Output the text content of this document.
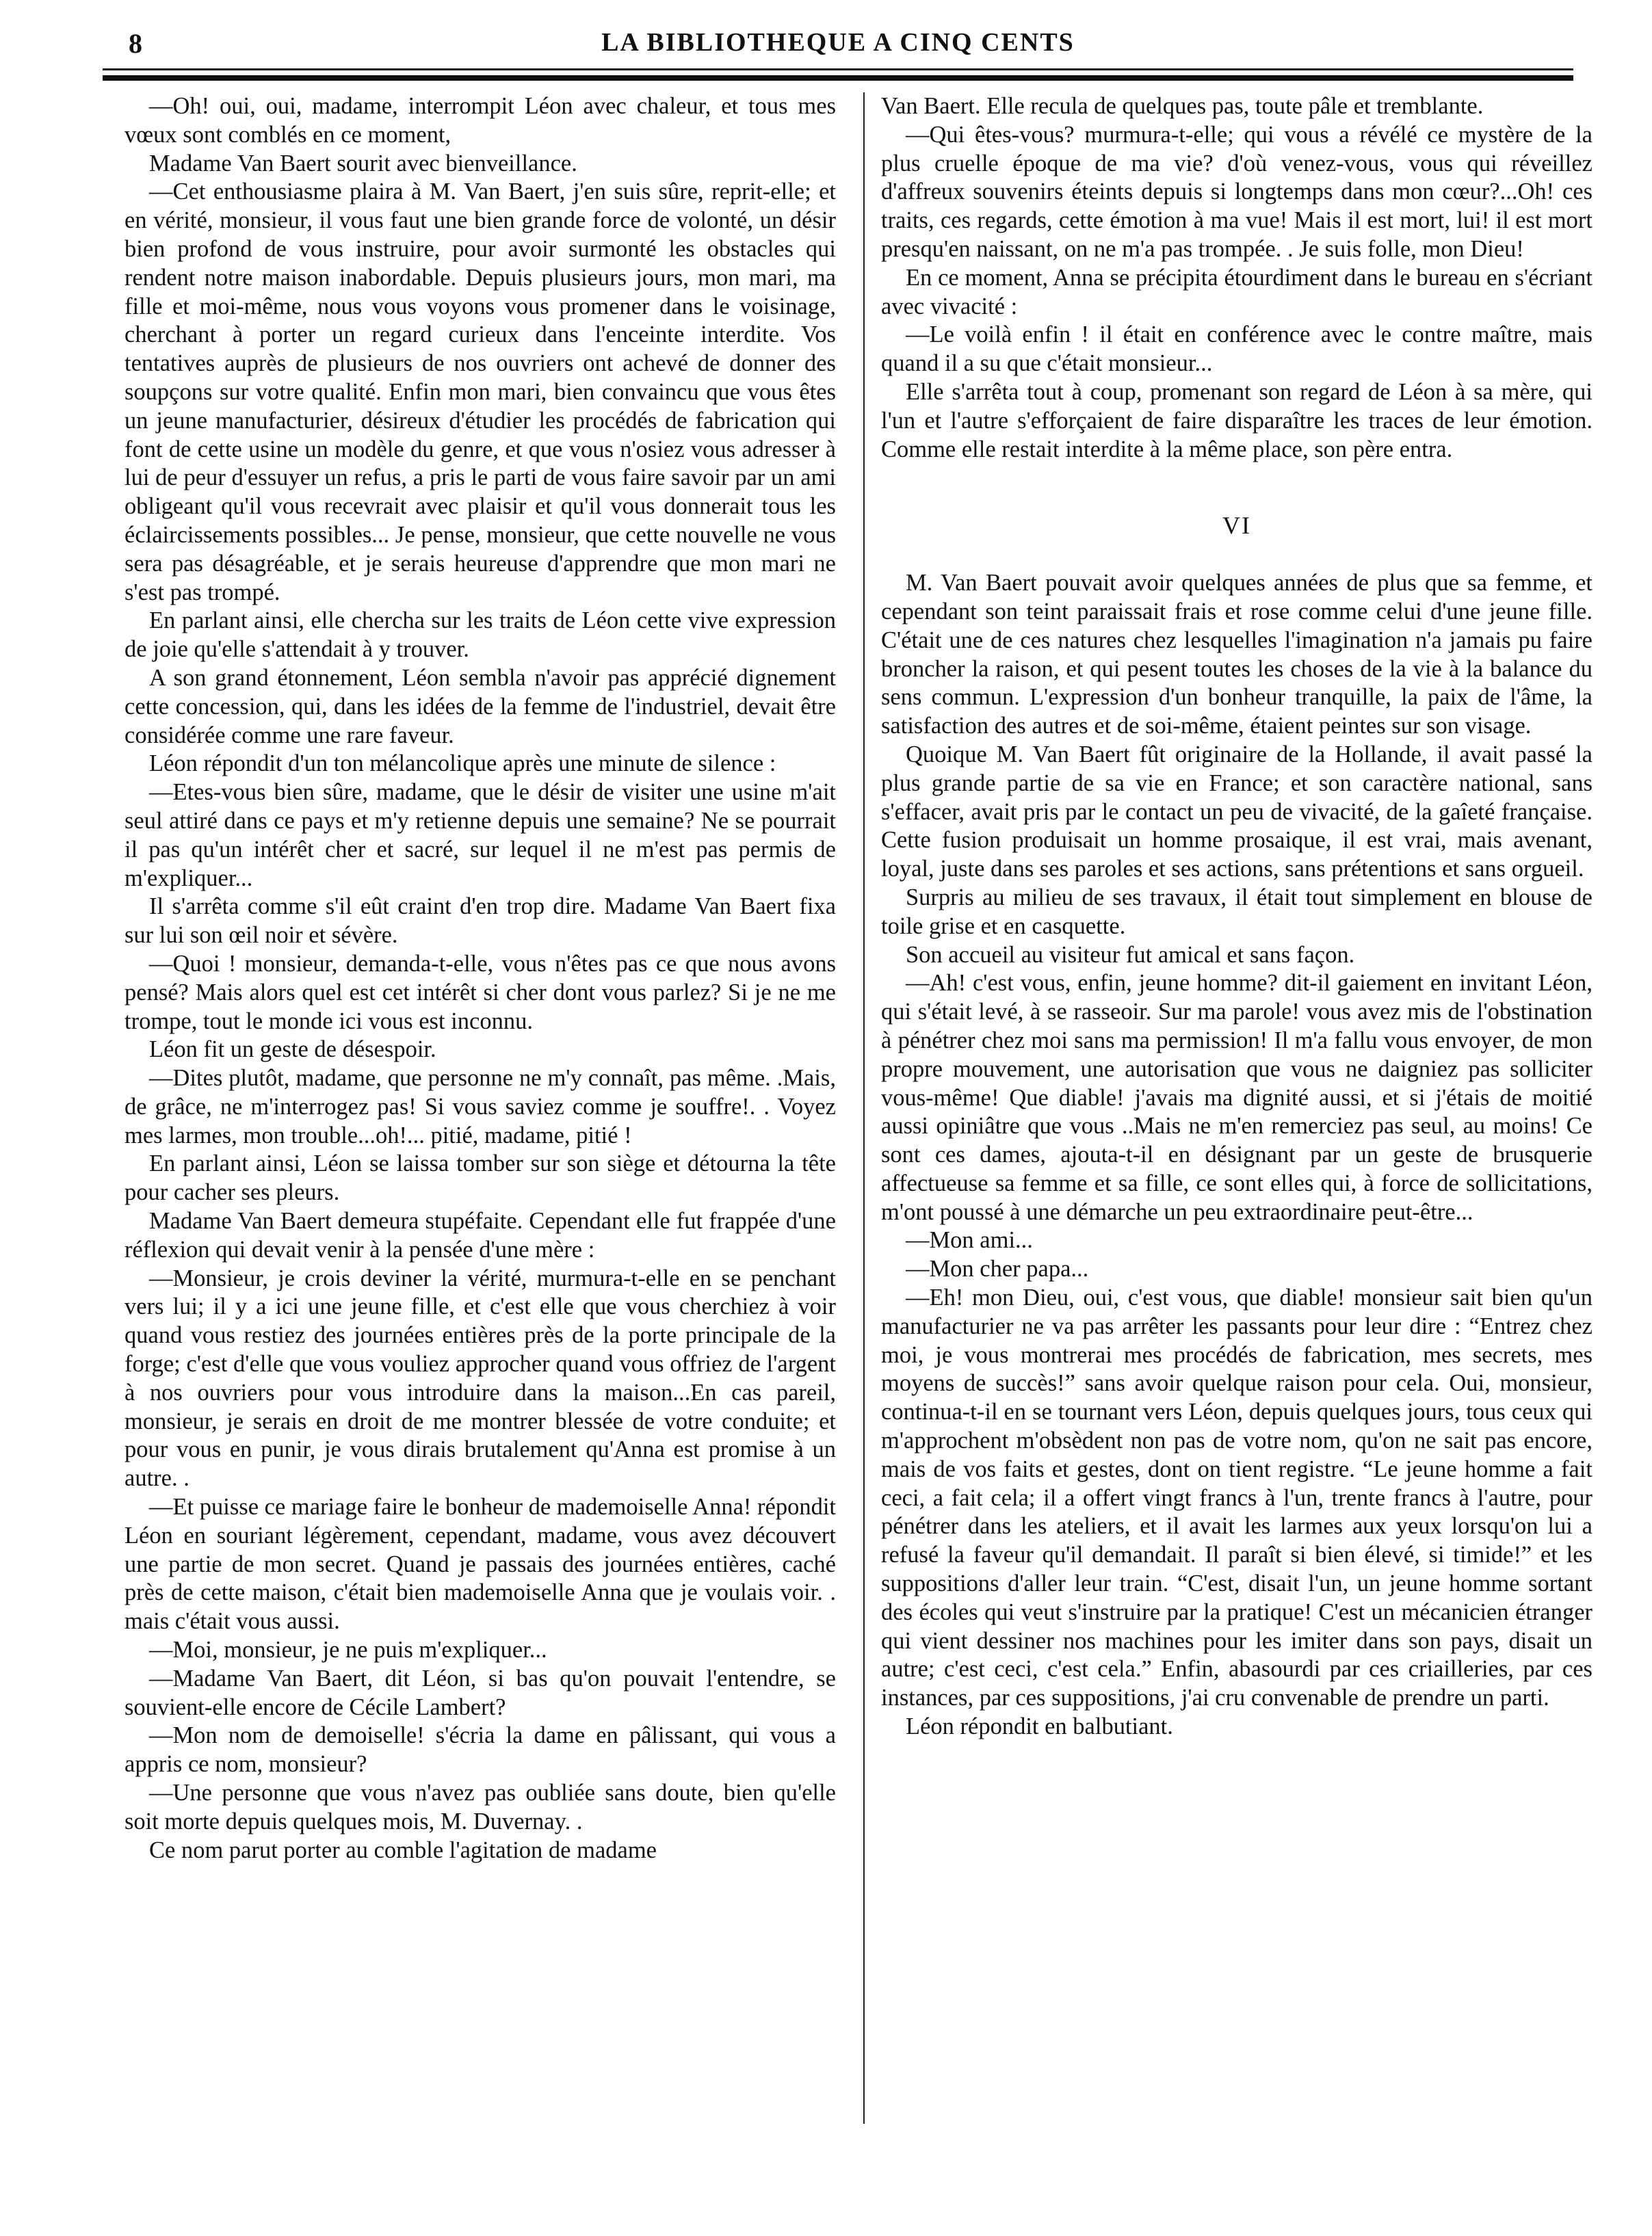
8	LA BIBLIOTHEQUE A CINQ CENTS

—Oh! oui, oui, madame, interrompit Léon avec chaleur, et tous mes vœux sont comblés en ce moment,

Madame Van Baert sourit avec bienveillance.

—Cet enthousiasme plaira à M. Van Baert, j'en suis sûre, reprit-elle; et en vérité, monsieur, il vous faut une bien grande force de volonté, un désir bien profond de vous instruire, pour avoir surmonté les obstacles qui rendent notre maison inabordable. Depuis plusieurs jours, mon mari, ma fille et moi-même, nous vous voyons vous promener dans le voisinage, cherchant à porter un regard curieux dans l'enceinte interdite. Vos tentatives auprès de plusieurs de nos ouvriers ont achevé de donner des soupçons sur votre qualité. Enfin mon mari, bien convaincu que vous êtes un jeune manufacturier, désireux d'étudier les procédés de fabrication qui font de cette usine un modèle du genre, et que vous n'osiez vous adresser à lui de peur d'essuyer un refus, a pris le parti de vous faire savoir par un ami obligeant qu'il vous recevrait avec plaisir et qu'il vous donnerait tous les éclaircissements possibles... Je pense, monsieur, que cette nouvelle ne vous sera pas désagréable, et je serais heureuse d'apprendre que mon mari ne s'est pas trompé.

En parlant ainsi, elle chercha sur les traits de Léon cette vive expression de joie qu'elle s'attendait à y trouver.

A son grand étonnement, Léon sembla n'avoir pas apprécié dignement cette concession, qui, dans les idées de la femme de l'industriel, devait être considérée comme une rare faveur.

Léon répondit d'un ton mélancolique après une minute de silence :

—Etes-vous bien sûre, madame, que le désir de visiter une usine m'ait seul attiré dans ce pays et m'y retienne depuis une semaine? Ne se pourrait il pas qu'un intérêt cher et sacré, sur lequel il ne m'est pas permis de m'expliquer...

Il s'arrêta comme s'il eût craint d'en trop dire. Madame Van Baert fixa sur lui son œil noir et sévère.

—Quoi ! monsieur, demanda-t-elle, vous n'êtes pas ce que nous avons pensé? Mais alors quel est cet intérêt si cher dont vous parlez? Si je ne me trompe, tout le monde ici vous est inconnu.

Léon fit un geste de désespoir.

—Dites plutôt, madame, que personne ne m'y connaît, pas même. .Mais, de grâce, ne m'interrogez pas! Si vous saviez comme je souffre!. . Voyez mes larmes, mon trouble...oh!... pitié, madame, pitié !

En parlant ainsi, Léon se laissa tomber sur son siège et détourna la tête pour cacher ses pleurs.

Madame Van Baert demeura stupéfaite. Cependant elle fut frappée d'une réflexion qui devait venir à la pensée d'une mère :

—Monsieur, je crois deviner la vérité, murmura-t-elle en se penchant vers lui; il y a ici une jeune fille, et c'est elle que vous cherchiez à voir quand vous restiez des journées entières près de la porte principale de la forge; c'est d'elle que vous vouliez approcher quand vous offriez de l'argent à nos ouvriers pour vous introduire dans la maison...En cas pareil, monsieur, je serais en droit de me montrer blessée de votre conduite; et pour vous en punir, je vous dirais brutalement qu'Anna est promise à un autre. .

—Et puisse ce mariage faire le bonheur de mademoiselle Anna! répondit Léon en souriant légèrement, cependant, madame, vous avez découvert une partie de mon secret. Quand je passais des journées entières, caché près de cette maison, c'était bien mademoiselle Anna que je voulais voir. . mais c'était vous aussi.

—Moi, monsieur, je ne puis m'expliquer...

—Madame Van Baert, dit Léon, si bas qu'on pouvait l'entendre, se souvient-elle encore de Cécile Lambert?

—Mon nom de demoiselle! s'écria la dame en pâlissant, qui vous a appris ce nom, monsieur?

—Une personne que vous n'avez pas oubliée sans doute, bien qu'elle soit morte depuis quelques mois, M. Duvernay. .

Ce nom parut porter au comble l'agitation de madame

Van Baert. Elle recula de quelques pas, toute pâle et tremblante.

—Qui êtes-vous? murmura-t-elle; qui vous a révélé ce mystère de la plus cruelle époque de ma vie? d'où venez-vous, vous qui réveillez d'affreux souvenirs éteints depuis si longtemps dans mon cœur?...Oh! ces traits, ces regards, cette émotion à ma vue! Mais il est mort, lui! il est mort presqu'en naissant, on ne m'a pas trompée. . Je suis folle, mon Dieu!

En ce moment, Anna se précipita étourdiment dans le bureau en s'écriant avec vivacité :

—Le voilà enfin ! il était en conférence avec le contre maître, mais quand il a su que c'était monsieur...

Elle s'arrêta tout à coup, promenant son regard de Léon à sa mère, qui l'un et l'autre s'efforçaient de faire disparaître les traces de leur émotion. Comme elle restait interdite à la même place, son père entra.

VI

M. Van Baert pouvait avoir quelques années de plus que sa femme, et cependant son teint paraissait frais et rose comme celui d'une jeune fille. C'était une de ces natures chez lesquelles l'imagination n'a jamais pu faire broncher la raison, et qui pesent toutes les choses de la vie à la balance du sens commun. L'expression d'un bonheur tranquille, la paix de l'âme, la satisfaction des autres et de soi-même, étaient peintes sur son visage.

Quoique M. Van Baert fût originaire de la Hollande, il avait passé la plus grande partie de sa vie en France; et son caractère national, sans s'effacer, avait pris par le contact un peu de vivacité, de la gaîeté française. Cette fusion produisait un homme prosaique, il est vrai, mais avenant, loyal, juste dans ses paroles et ses actions, sans prétentions et sans orgueil.

Surpris au milieu de ses travaux, il était tout simplement en blouse de toile grise et en casquette.

Son accueil au visiteur fut amical et sans façon.

—Ah! c'est vous, enfin, jeune homme? dit-il gaiement en invitant Léon, qui s'était levé, à se rasseoir. Sur ma parole! vous avez mis de l'obstination à pénétrer chez moi sans ma permission! Il m'a fallu vous envoyer, de mon propre mouvement, une autorisation que vous ne daigniez pas solliciter vous-même! Que diable! j'avais ma dignité aussi, et si j'étais de moitié aussi opiniâtre que vous ..Mais ne m'en remerciez pas seul, au moins! Ce sont ces dames, ajouta-t-il en désignant par un geste de brusquerie affectueuse sa femme et sa fille, ce sont elles qui, à force de sollicitations, m'ont poussé à une démarche un peu extraordinaire peut-être...

—Mon ami...

—Mon cher papa...

—Eh! mon Dieu, oui, c'est vous, que diable! monsieur sait bien qu'un manufacturier ne va pas arrêter les passants pour leur dire : “Entrez chez moi, je vous montrerai mes procédés de fabrication, mes secrets, mes moyens de succès!” sans avoir quelque raison pour cela. Oui, monsieur, continua-t-il en se tournant vers Léon, depuis quelques jours, tous ceux qui m'approchent m'obsèdent non pas de votre nom, qu'on ne sait pas encore, mais de vos faits et gestes, dont on tient registre. “Le jeune homme a fait ceci, a fait cela; il a offert vingt francs à l'un, trente francs à l'autre, pour pénétrer dans les ateliers, et il avait les larmes aux yeux lorsqu'on lui a refusé la faveur qu'il demandait. Il paraît si bien élevé, si timide!” et les suppositions d'aller leur train. “C'est, disait l'un, un jeune homme sortant des écoles qui veut s'instruire par la pratique! C'est un mécanicien étranger qui vient dessiner nos machines pour les imiter dans son pays, disait un autre; c'est ceci, c'est cela.” Enfin, abasourdi par ces criailleries, par ces instances, par ces suppositions, j'ai cru convenable de prendre un parti.

Léon répondit en balbutiant.
